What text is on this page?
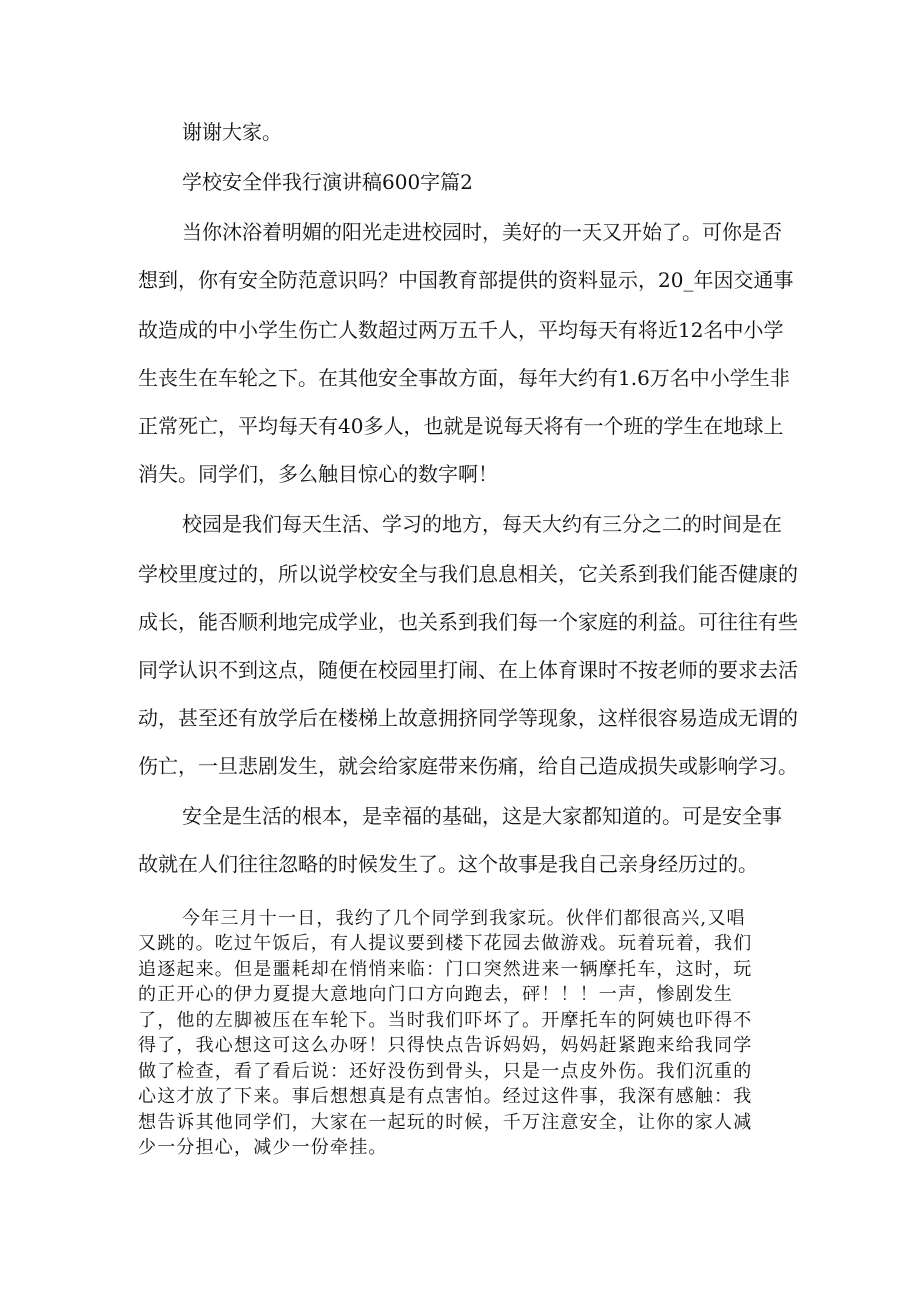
谢谢大家。

学校安全伴我行演讲稿600字篇2

当你沐浴着明媚的阳光走进校园时，美好的一天又开始了。可你是否

想到，你有安全防范意识吗？中国教育部提供的资料显示，20_年因交通事

故造成的中小学生伤亡人数超过两万五千人，平均每天有将近12名中小学

生丧生在车轮之下。在其他安全事故方面，每年大约有1.6万名中小学生非

正常死亡，平均每天有40多人，也就是说每天将有一个班的学生在地球上

消失。同学们，多么触目惊心的数字啊！

校园是我们每天生活、学习的地方，每天大约有三分之二的时间是在

学校里度过的，所以说学校安全与我们息息相关，它关系到我们能否健康的

成长，能否顺利地完成学业，也关系到我们每一个家庭的利益。可往往有些

同学认识不到这点，随便在校园里打闹、在上体育课时不按老师的要求去活

动，甚至还有放学后在楼梯上故意拥挤同学等现象，这样很容易造成无谓的

伤亡，一旦悲剧发生，就会给家庭带来伤痛，给自己造成损失或影响学习。

安全是生活的根本，是幸福的基础，这是大家都知道的。可是安全事

故就在人们往往忽略的时候发生了。这个故事是我自己亲身经历过的。

今年三月十一日，我约了几个同学到我家玩。伙伴们都很高兴,又唱

又跳的。吃过午饭后，有人提议要到楼下花园去做游戏。玩着玩着，我们

追逐起来。但是噩耗却在悄悄来临：门口突然进来一辆摩托车，这时，玩

的正开心的伊力夏提大意地向门口方向跑去，砰！！！一声，惨剧发生

了，他的左脚被压在车轮下。当时我们吓坏了。开摩托车的阿姨也吓得不

得了，我心想这可这么办呀！只得快点告诉妈妈，妈妈赶紧跑来给我同学

做了检查，看了看后说：还好没伤到骨头，只是一点皮外伤。我们沉重的

心这才放了下来。事后想想真是有点害怕。经过这件事，我深有感触：我

想告诉其他同学们，大家在一起玩的时候，千万注意安全，让你的家人减

少一分担心，减少一份牵挂。
